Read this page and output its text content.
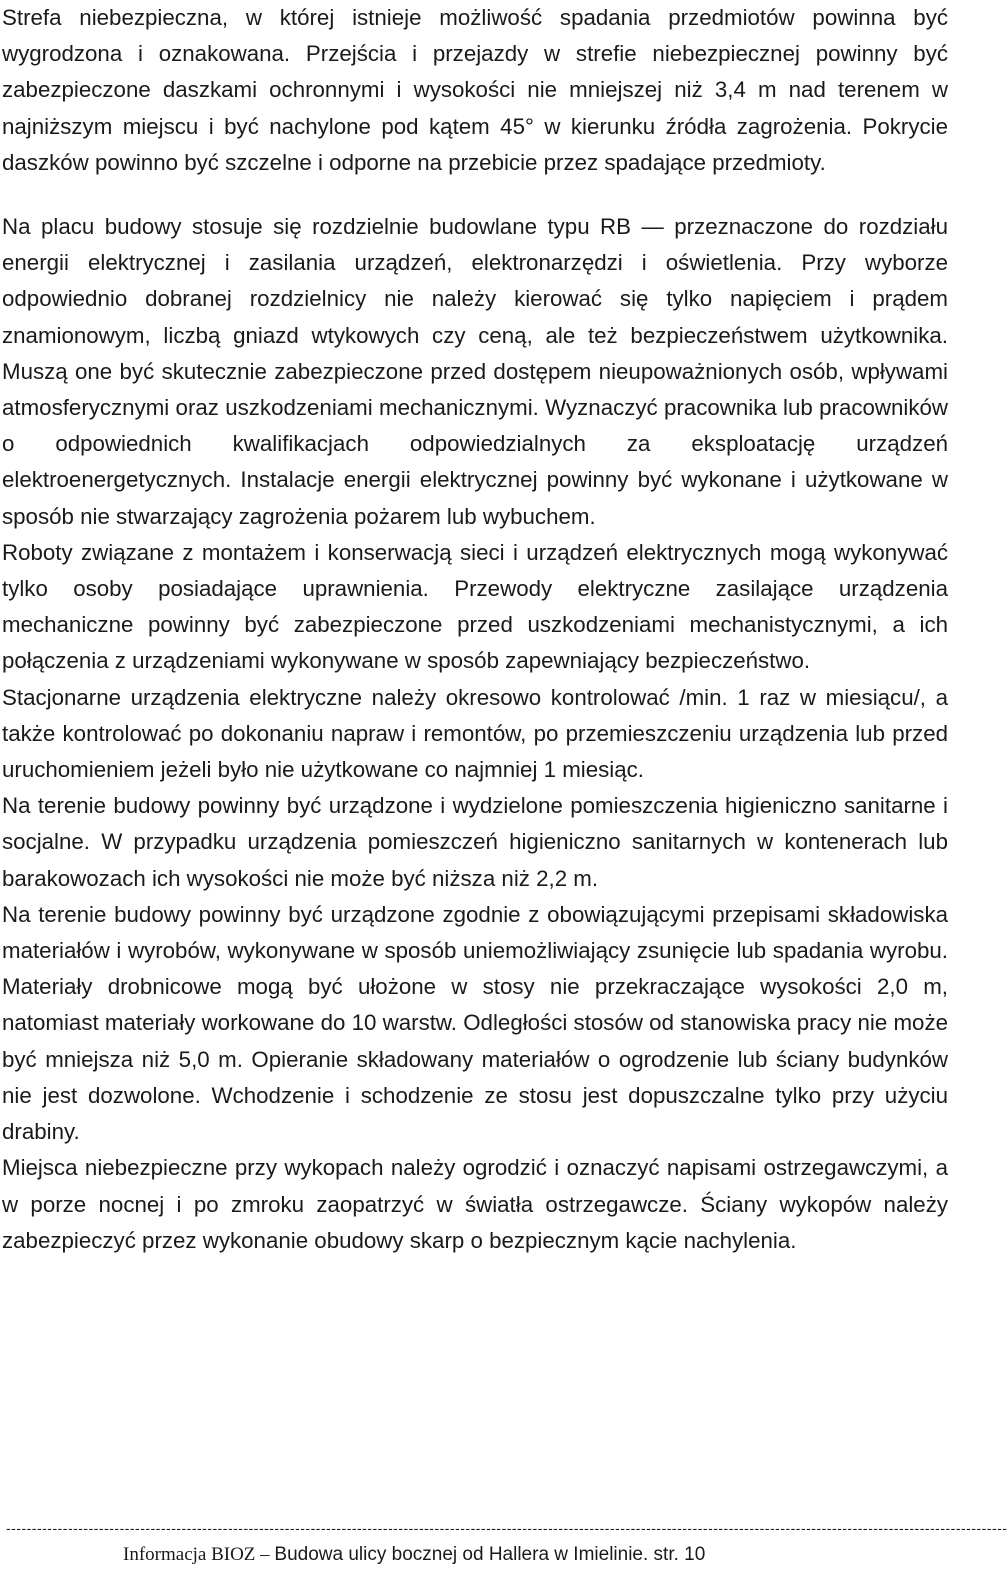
Strefa niebezpieczna, w której istnieje możliwość spadania przedmiotów powinna być wygrodzona i oznakowana. Przejścia i przejazdy w strefie niebezpiecznej powinny być zabezpieczone daszkami ochronnymi i wysokości nie mniejszej niż 3,4 m nad terenem w najniższym miejscu i być nachylone pod kątem 45° w kierunku źródła zagrożenia. Pokrycie daszków powinno być szczelne i odporne na przebicie przez spadające przedmioty.

Na placu budowy stosuje się rozdzielnie budowlane typu RB — przeznaczone do rozdziału energii elektrycznej i zasilania urządzeń, elektronarzędzi i oświetlenia. Przy wyborze odpowiednio dobranej rozdzielnicy nie należy kierować się tylko napięciem i prądem znamionowym, liczbą gniazd wtykowych czy ceną, ale też bezpieczeństwem użytkownika. Muszą one być skutecznie zabezpieczone przed dostępem nieupoważnionych osób, wpływami atmosferycznymi oraz uszkodzeniami mechanicznymi. Wyznaczyć pracownika lub pracowników o odpowiednich kwalifikacjach odpowiedzialnych za eksploatację urządzeń elektroenergetycznych. Instalacje energii elektrycznej powinny być wykonane i użytkowane w sposób nie stwarzający zagrożenia pożarem lub wybuchem.

Roboty związane z montażem i konserwacją sieci i urządzeń elektrycznych mogą wykonywać tylko osoby posiadające uprawnienia. Przewody elektryczne zasilające urządzenia mechaniczne powinny być zabezpieczone przed uszkodzeniami mechanistycznymi, a ich połączenia z urządzeniami wykonywane w sposób zapewniający bezpieczeństwo.

Stacjonarne urządzenia elektryczne należy okresowo kontrolować /min. 1 raz w miesiącu/, a także kontrolować po dokonaniu napraw i remontów, po przemieszczeniu urządzenia lub przed uruchomieniem jeżeli było nie użytkowane co najmniej 1 miesiąc.

Na terenie budowy powinny być urządzone i wydzielone pomieszczenia higieniczno sanitarne i socjalne. W przypadku urządzenia pomieszczeń higieniczno sanitarnych w kontenerach lub barakowozach ich wysokości nie może być niższa niż 2,2 m.

Na terenie budowy powinny być urządzone zgodnie z obowiązującymi przepisami składowiska materiałów i wyrobów, wykonywane w sposób uniemożliwiający zsunięcie lub spadania wyrobu. Materiały drobnicowe mogą być ułożone w stosy nie przekraczające wysokości 2,0 m, natomiast materiały workowane do 10 warstw. Odległości stosów od stanowiska pracy nie może być mniejsza niż 5,0 m. Opieranie składowany materiałów o ogrodzenie lub ściany budynków nie jest dozwolone. Wchodzenie i schodzenie ze stosu jest dopuszczalne tylko przy użyciu drabiny.

Miejsca niebezpieczne przy wykopach należy ogrodzić i oznaczyć napisami ostrzegawczymi, a w porze nocnej i po zmroku zaopatrzyć w światła ostrzegawcze. Ściany wykopów należy zabezpieczyć przez wykonanie obudowy skarp o bezpiecznym kącie nachylenia.

--------------------------------------------------------------------------------------------------------------------------------------------------------------------------------------------------
Informacja BIOZ – Budowa ulicy bocznej od Hallera w Imielinie. str. 10
